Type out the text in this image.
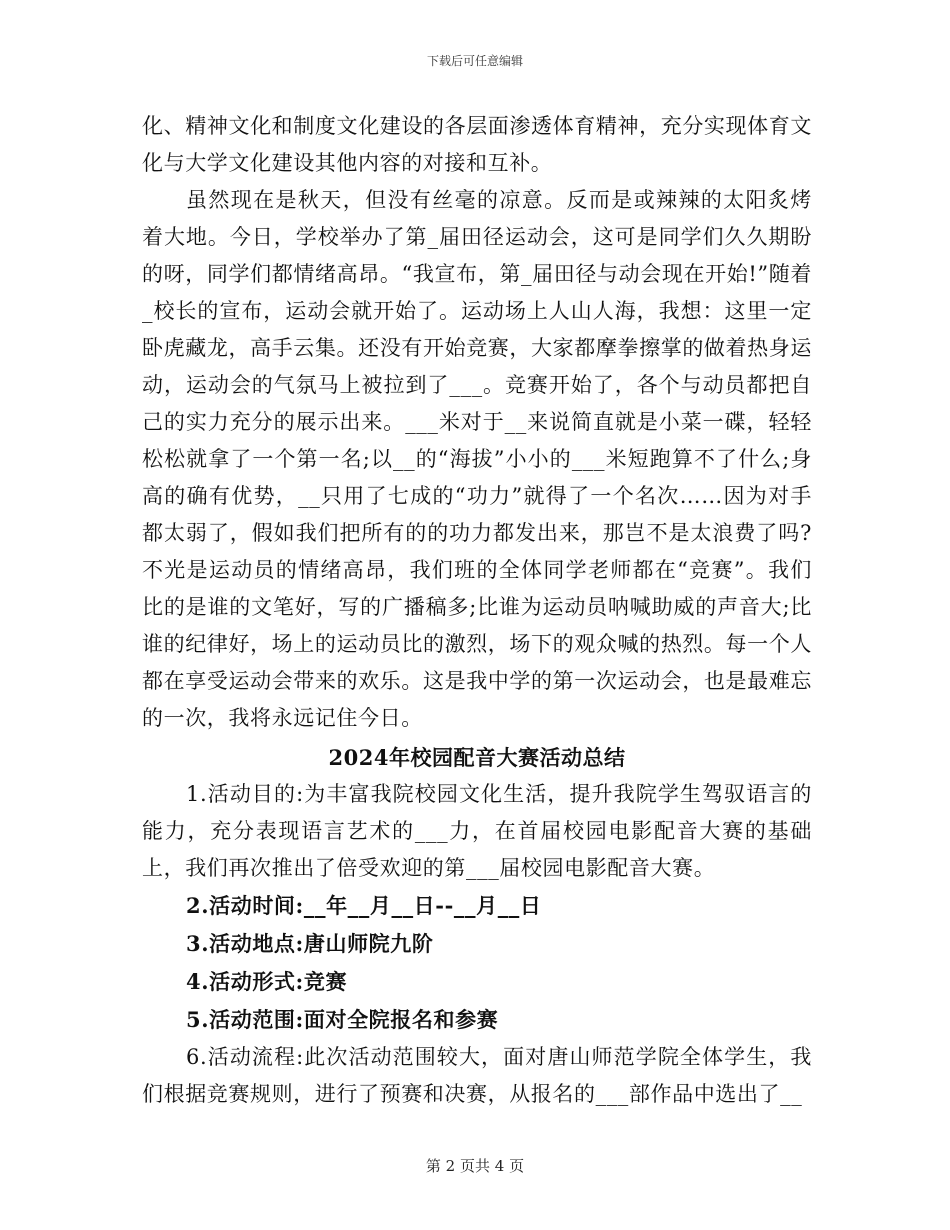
下载后可任意编辑

化、精神文化和制度文化建设的各层面渗透体育精神，充分实现体育文化与大学文化建设其他内容的对接和互补。

虽然现在是秋天，但没有丝毫的凉意。反而是或辣辣的太阳炙烤着大地。今日，学校举办了第_届田径运动会，这可是同学们久久期盼的呀，同学们都情绪高昂。“我宣布，第_届田径与动会现在开始!”随着_校长的宣布，运动会就开始了。运动场上人山人海，我想：这里一定卧虎藏龙，高手云集。还没有开始竞赛，大家都摩拳擦掌的做着热身运动，运动会的气氛马上被拉到了___。竞赛开始了，各个与动员都把自己的实力充分的展示出来。___米对于__来说简直就是小菜一碟，轻轻松松就拿了一个第一名;以__的“海拔”小小的___米短跑算不了什么;身高的确有优势，__只用了七成的“功力”就得了一个名次……因为对手都太弱了，假如我们把所有的的功力都发出来，那岂不是太浪费了吗?不光是运动员的情绪高昂，我们班的全体同学老师都在“竞赛”。我们比的是谁的文笔好，写的广播稿多;比谁为运动员呐喊助威的声音大;比谁的纪律好，场上的运动员比的激烈，场下的观众喊的热烈。每一个人都在享受运动会带来的欢乐。这是我中学的第一次运动会，也是最难忘的一次，我将永远记住今日。

2024年校园配音大赛活动总结

1.活动目的:为丰富我院校园文化生活，提升我院学生驾驭语言的能力，充分表现语言艺术的___力，在首届校园电影配音大赛的基础上，我们再次推出了倍受欢迎的第___届校园电影配音大赛。

2.活动时间:__年__月__日--__月__日

3.活动地点:唐山师院九阶

4.活动形式:竞赛

5.活动范围:面对全院报名和参赛

6.活动流程:此次活动范围较大，面对唐山师范学院全体学生，我们根据竞赛规则，进行了预赛和决赛，从报名的___部作品中选出了__

第 2 页共 4 页
